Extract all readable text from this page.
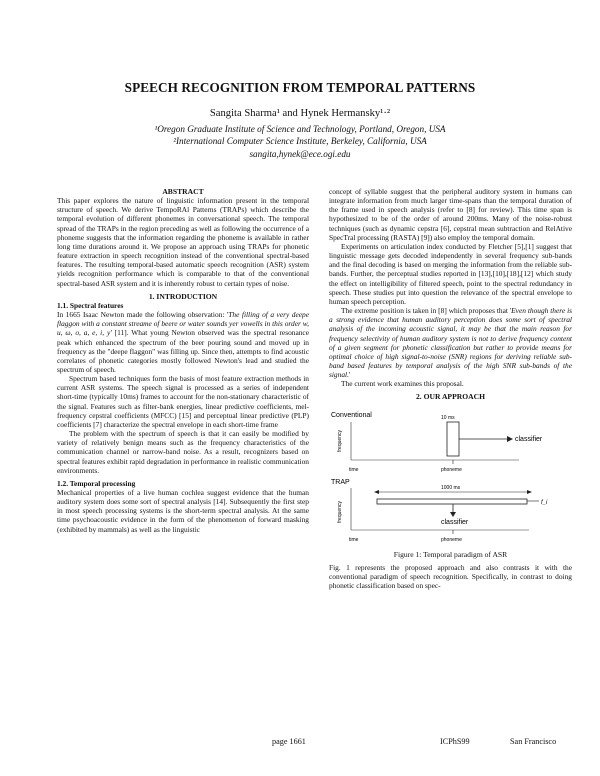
SPEECH RECOGNITION FROM TEMPORAL PATTERNS
Sangita Sharma¹ and Hynek Hermansky¹·²
¹Oregon Graduate Institute of Science and Technology, Portland, Oregon, USA
²International Computer Science Institute, Berkeley, California, USA
sangita,hynek@ece.ogi.edu

ABSTRACT

This paper explores the nature of linguistic information present in the temporal structure of speech. We derive TempoRAl Patterns (TRAPs) which describe the temporal evolution of different phonemes in conversational speech. The temporal spread of the TRAPs in the region preceding as well as following the occurrence of a phoneme suggests that the information regarding the phoneme is available in rather long time durations around it. We propose an approach using TRAPs for phonetic feature extraction in speech recognition instead of the conventional spectral-based features. The resulting temporal-based automatic speech recognition (ASR) system yields recognition performance which is comparable to that of the conventional spectral-based ASR system and it is inherently robust to certain types of noise.

1. INTRODUCTION

1.1. Spectral features

In 1665 Isaac Newton made the following observation: 'The filling of a very deepe flaggon with a constant streame of beere or water sounds yer vowells in this order w, u, ω, o, a, e, i, y' [11]. What young Newton observed was the spectral resonance peak which enhanced the spectrum of the beer pouring sound and moved up in frequency as the "deepe flaggon" was filling up. Since then, attempts to find acoustic correlates of phonetic categories mostly followed Newton's lead and studied the spectrum of speech.

Spectrum based techniques form the basis of most feature extraction methods in current ASR systems. The speech signal is processed as a series of independent short-time (typically 10ms) frames to account for the non-stationary characteristic of the signal. Features such as filter-bank energies, linear predictive coefficients, mel-frequency cepstral coefficients (MFCC) [15] and perceptual linear predictive (PLP) coefficients [7] characterize the spectral envelope in each short-time frame

The problem with the spectrum of speech is that it can easily be modified by variety of relatively benign means such as the frequency characteristics of the communication channel or narrow-band noise. As a result, recognizers based on spectral features exhibit rapid degradation in performance in realistic communication environments.

1.2. Temporal processing

Mechanical properties of a live human cochlea suggest evidence that the human auditory system does some sort of spectral analysis [14]. Subsequently the first step in most speech processing systems is the short-term spectral analysis. At the same time psychoacoustic evidence in the form of the phenomenon of forward masking (exhibited by mammals) as well as the linguistic

concept of syllable suggest that the peripheral auditory system in humans can integrate information from much larger time-spans than the temporal duration of the frame used in speech analysis (refer to [8] for review). This time span is hypothesized to be of the order of around 200ms. Many of the noise-robust techniques (such as dynamic cepstra [6], cepstral mean subtraction and RelAtive SpecTral processing (RASTA) [9]) also employ the temporal domain.

Experiments on articulation index conducted by Fletcher [5],[1] suggest that linguistic message gets decoded independently in several frequency sub-bands and the final decoding is based on merging the information from the reliable sub-bands. Further, the perceptual studies reported in [13],[10],[18],[12] which study the effect on intelligibility of filtered speech, point to the spectral redundancy in speech. These studies put into question the relevance of the spectral envelope to human speech perception.

The extreme position is taken in [8] which proposes that 'Even though there is a strong evidence that human auditory perception does some sort of spectral analysis of the incoming acoustic signal, it may be that the main reason for frequency selectivity of human auditory system is not to derive frequency content of a given segment for phonetic classification but rather to provide means for optimal choice of high signal-to-noise (SNR) regions for deriving reliable sub-band based features by temporal analysis of the high SNR sub-bands of the signal.'

The current work examines this proposal.

2. OUR APPROACH

Conventional
frequency
10 ms
classifier
phoneme
time
TRAP
frequency
1000 ms
f_i
classifier
phoneme
time

Figure 1: Temporal paradigm of ASR

Fig. 1 represents the proposed approach and also contrasts it with the conventional paradigm of speech recognition. Specifically, in contrast to doing phonetic classification based on spec-

page 1661	ICPhS99	San Francisco
